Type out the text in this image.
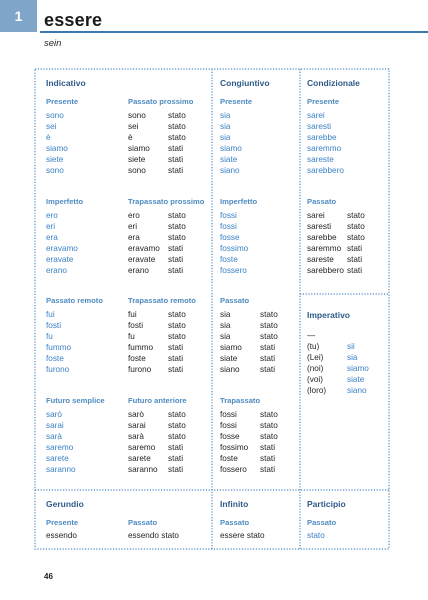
1	essere
sein
Indicativo	Congiuntivo	Condizionale
Imperativo
Gerundio	Infinito	Participio
Presente
sono
sei
è
siamo
siete
sono
Passato prossimo
sono	stato
sei	stato
è	stato
siamo stati
siete	stati
sono	stati
Imperfetto
ero
eri
era
eravamo
eravate
erano
Trapassato prossimo
ero	stato
eri	stato
era	stato
eravamo stati
eravate stati
erano stati
Passato remoto
fui
fosti
fu
fummo
foste
furono
Trapassato remoto
fui	stato
fosti	stato
fu	stato
fummo stati
foste	stati
furono stati
Futuro semplice
sarò
sarai
sarà
saremo
sarete
saranno
Futuro anteriore
sarò	stato
sarai	stato
sarà	stato
saremo stati
sarete stati
saranno stati
Presente
sia
sia
sia
siamo
siate
siano
Imperfetto
fossi
fossi
fosse
fossimo
foste
fossero
Passato
sia	stato
sia	stato
sia	stato
siamo stati
siate	stati
siano stati
Trapassato
fossi	stato
fossi	stato
fosse stato
fossimo stati
foste	stati
fossero stati
Presente
sarei
saresti
sarebbe
saremmo
sareste
sarebbero
Passato
sarei	stato
saresti stato
sarebbe stato
saremmo stati
sareste stati
sarebbero stati
—
(tu)	sii
(Lei)	sia
(noi)	siamo
(voi)	siate
(loro)	siano
Presente	Passato	Passato	Passato
essendo	essendo stato	essere stato	stato
46
